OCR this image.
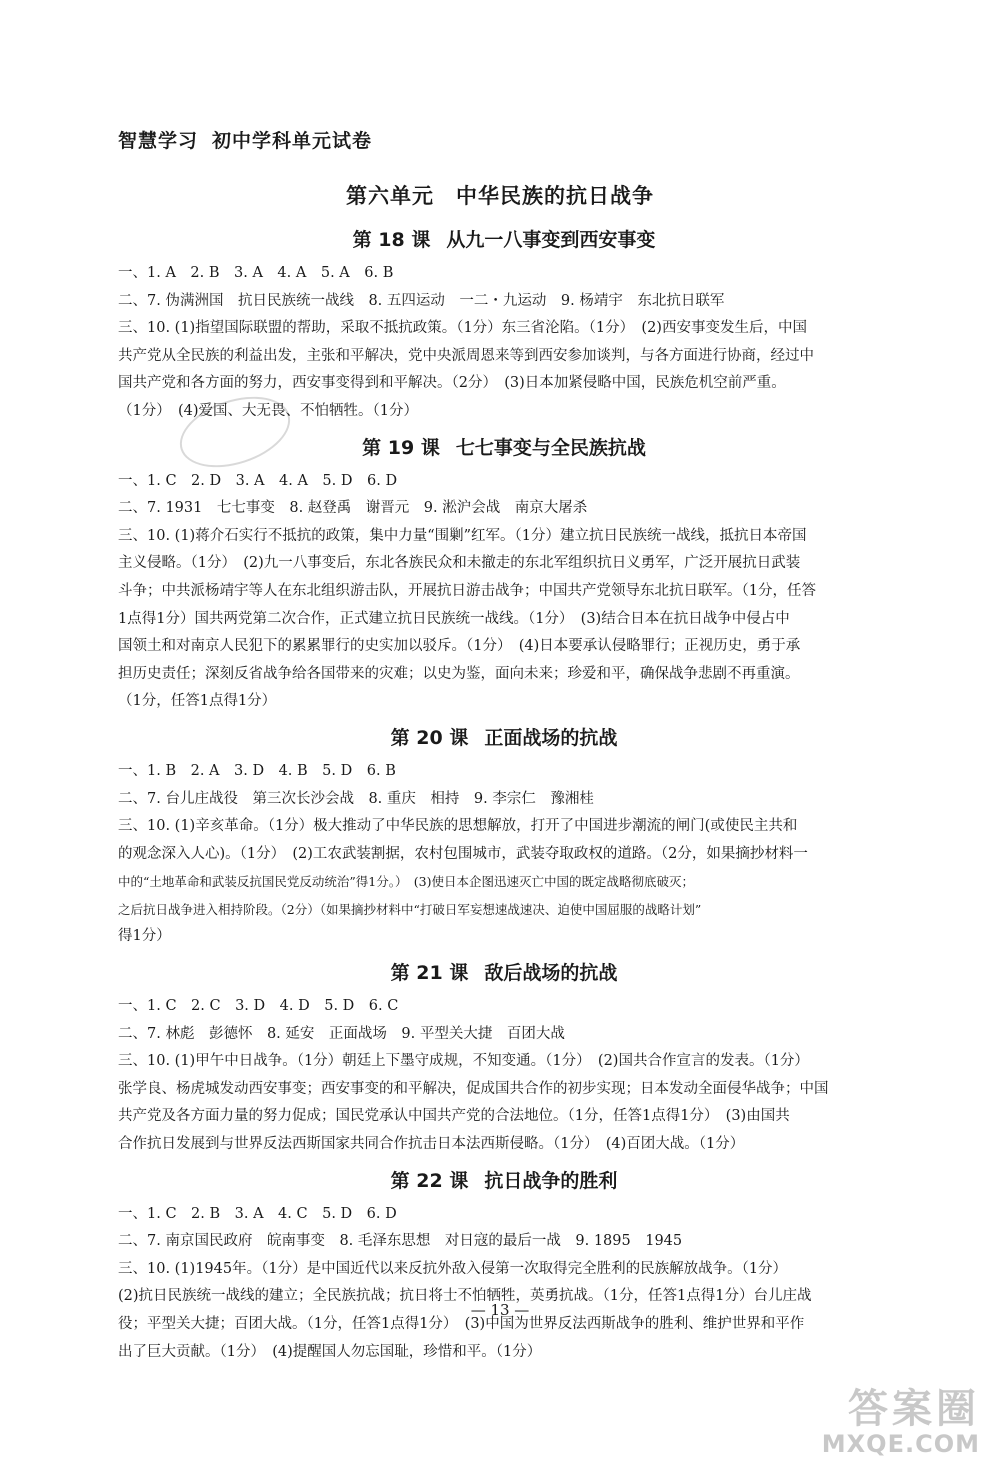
智慧学习 初中学科单元试卷
第六单元　中华民族的抗日战争
第 18 课 从九一八事变到西安事变
一、1. A　2. B　3. A　4. A　5. A　6. B
二、7. 伪满洲国　抗日民族统一战线　8. 五四运动　一二・九运动　9. 杨靖宇　东北抗日联军
三、10. (1)指望国际联盟的帮助，采取不抵抗政策。（1分）东三省沦陷。（1分）　(2)西安事变发生后，中国
共产党从全民族的利益出发，主张和平解决，党中央派周恩来等到西安参加谈判，与各方面进行协商，经过中
国共产党和各方面的努力，西安事变得到和平解决。（2分）　(3)日本加紧侵略中国，民族危机空前严重。
（1分）　(4)爱国、大无畏、不怕牺牲。（1分）
第 19 课 七七事变与全民族抗战
一、1. C　2. D　3. A　4. A　5. D　6. D
二、7. 1931　七七事变　8. 赵登禹　谢晋元　9. 淞沪会战　南京大屠杀
三、10. (1)蒋介石实行不抵抗的政策，集中力量“围剿”红军。（1分）建立抗日民族统一战线，抵抗日本帝国
主义侵略。（1分）　(2)九一八事变后，东北各族民众和未撤走的东北军组织抗日义勇军，广泛开展抗日武装
斗争；中共派杨靖宇等人在东北组织游击队，开展抗日游击战争；中国共产党领导东北抗日联军。（1分，任答
1点得1分）国共两党第二次合作，正式建立抗日民族统一战线。（1分）　(3)结合日本在抗日战争中侵占中
国领土和对南京人民犯下的累累罪行的史实加以驳斥。（1分）　(4)日本要承认侵略罪行；正视历史，勇于承
担历史责任；深刻反省战争给各国带来的灾难；以史为鉴，面向未来；珍爱和平，确保战争悲剧不再重演。
（1分，任答1点得1分）
第 20 课 正面战场的抗战
一、1. B　2. A　3. D　4. B　5. D　6. B
二、7. 台儿庄战役　第三次长沙会战　8. 重庆　相持　9. 李宗仁　豫湘桂
三、10. (1)辛亥革命。（1分）极大推动了中华民族的思想解放，打开了中国进步潮流的闸门(或使民主共和
的观念深入人心)。（1分）　(2)工农武装割据，农村包围城市，武装夺取政权的道路。（2分，如果摘抄材料一
中的“土地革命和武装反抗国民党反动统治”得1分。）　(3)使日本企图迅速灭亡中国的既定战略彻底破灭；
之后抗日战争进入相持阶段。（2分）（如果摘抄材料中“打破日军妄想速战速决、迫使中国屈服的战略计划”
得1分）
第 21 课 敌后战场的抗战
一、1. C　2. C　3. D　4. D　5. D　6. C
二、7. 林彪　彭德怀　8. 延安　正面战场　9. 平型关大捷　百团大战
三、10. (1)甲午中日战争。（1分）朝廷上下墨守成规，不知变通。（1分）　(2)国共合作宣言的发表。（1分）
张学良、杨虎城发动西安事变；西安事变的和平解决，促成国共合作的初步实现；日本发动全面侵华战争；中国
共产党及各方面力量的努力促成；国民党承认中国共产党的合法地位。（1分，任答1点得1分）　(3)由国共
合作抗日发展到与世界反法西斯国家共同合作抗击日本法西斯侵略。（1分）　(4)百团大战。（1分）
第 22 课 抗日战争的胜利
一、1. C　2. B　3. A　4. C　5. D　6. D
二、7. 南京国民政府　皖南事变　8. 毛泽东思想　对日寇的最后一战　9. 1895　1945
三、10. (1)1945年。（1分）是中国近代以来反抗外敌入侵第一次取得完全胜利的民族解放战争。（1分）
(2)抗日民族统一战线的建立；全民族抗战；抗日将士不怕牺牲，英勇抗战。（1分，任答1点得1分）台儿庄战
役；平型关大捷；百团大战。（1分，任答1点得1分）　(3)中国为世界反法西斯战争的胜利、维护世界和平作
出了巨大贡献。（1分）　(4)提醒国人勿忘国耻，珍惜和平。（1分）
— 13 —
答案圈
MXQE.COM
